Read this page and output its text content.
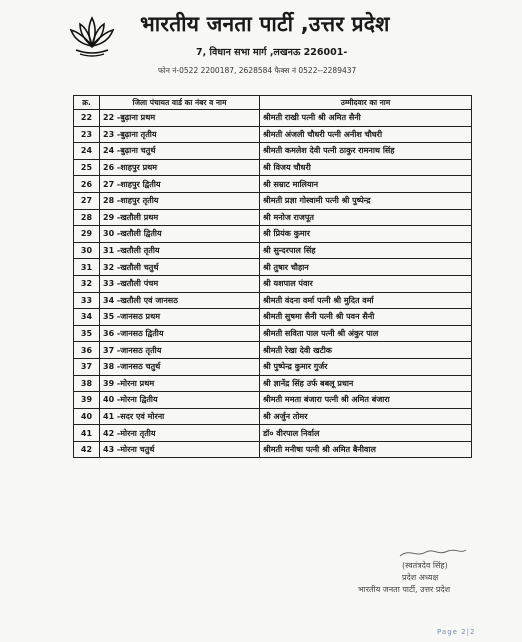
भारतीय जनता पार्टी ,उत्तर प्रदेश
7, विधान सभा मार्ग ,लखनऊ 226001-
फोन नं-0522 2200187, 2628584 फैक्स नं 0522--2289437
क्र.	जिला पंचायत वार्ड का नंबर व नाम	उम्मीदवार का नाम
22	22 -बुढ़ाना प्रथम	श्रीमती राखी पत्नी श्री अमित सैनी
23	23 -बुढ़ाना तृतीय	श्रीमती अंजली चौधरी पत्नी अनीश चौधरी
24	24 -बुढ़ाना चतुर्थ	श्रीमती कमलेश देवी पत्नी ठाकुर रामनाथ सिंह
25	26 -शाहपुर प्रथम	श्री विजय चौधरी
26	27 -शाहपुर द्वितीय	श्री सम्राट मालियान
27	28 -शाहपुर तृतीय	श्रीमती प्रज्ञा गोस्वामी पत्नी श्री पुष्पेन्द्र
28	29 -खतौली प्रथम	श्री मनोज राजपूत
29	30 -खतौली द्वितीय	श्री प्रियंक कुमार
30	31 -खतौली तृतीय	श्री सुन्दरपाल सिंह
31	32 -खतौली चतुर्थ	श्री तुषार चौहान
32	33 -खतौली पंचम	श्री यशपाल पंवार
33	34 -खतौली एवं जानसठ	श्रीमती वंदना वर्मा पत्नी श्री मुदित वर्मा
34	35 -जानसठ प्रथम	श्रीमती सुषमा सैनी पत्नी श्री पवन सैनी
35	36 -जानसठ द्वितीय	श्रीमती सविता पाल पत्नी श्री अंकुर पाल
36	37 -जानसठ तृतीय	श्रीमती रेखा देवी खटीक
37	38 -जानसठ चतुर्थ	श्री पुष्पेन्द्र कुमार गुर्जर
38	39 -मोरना प्रथम	श्री ज्ञानेंद्र सिंह उर्फ बबलू प्रधान
39	40 -मोरना द्वितीय	श्रीमती ममता बंजारा पत्नी श्री अमित बंजारा
40	41 -सदर एवं मोरना	श्री अर्जुन तोमर
41	42 -मोरना तृतीय	डॉ० वीरपाल निर्वाल
42	43 -मोरना चतुर्थ	श्रीमती मनीषा पत्नी श्री अमित बैनीवाल
(स्वतंत्रदेव सिंह)
प्रदेश अध्यक्ष
भारतीय जनता पार्टी, उत्तर प्रदेश
Page 2|2
